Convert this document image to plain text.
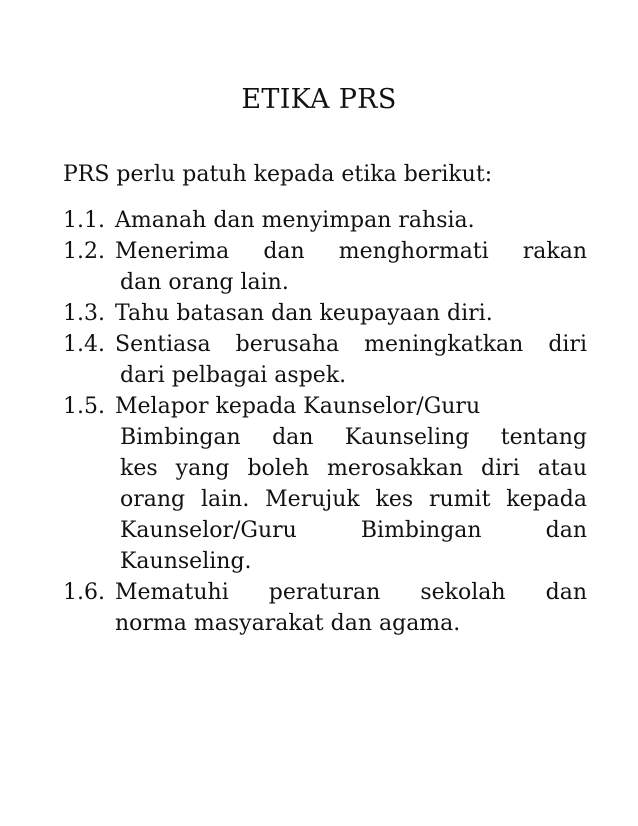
ETIKA PRS
PRS perlu patuh kepada etika berikut:
1.1. Amanah dan menyimpan rahsia.
1.2. Menerima dan menghormati rakan
dan orang lain.
1.3. Tahu batasan dan keupayaan diri.
1.4. Sentiasa berusaha meningkatkan diri
dari pelbagai aspek.
1.5. Melapor kepada Kaunselor/Guru
Bimbingan dan Kaunseling tentang
kes yang boleh merosakkan diri atau
orang lain. Merujuk kes rumit kepada
Kaunselor/Guru Bimbingan dan
Kaunseling.
1.6. Mematuhi peraturan sekolah dan
norma masyarakat dan agama.
